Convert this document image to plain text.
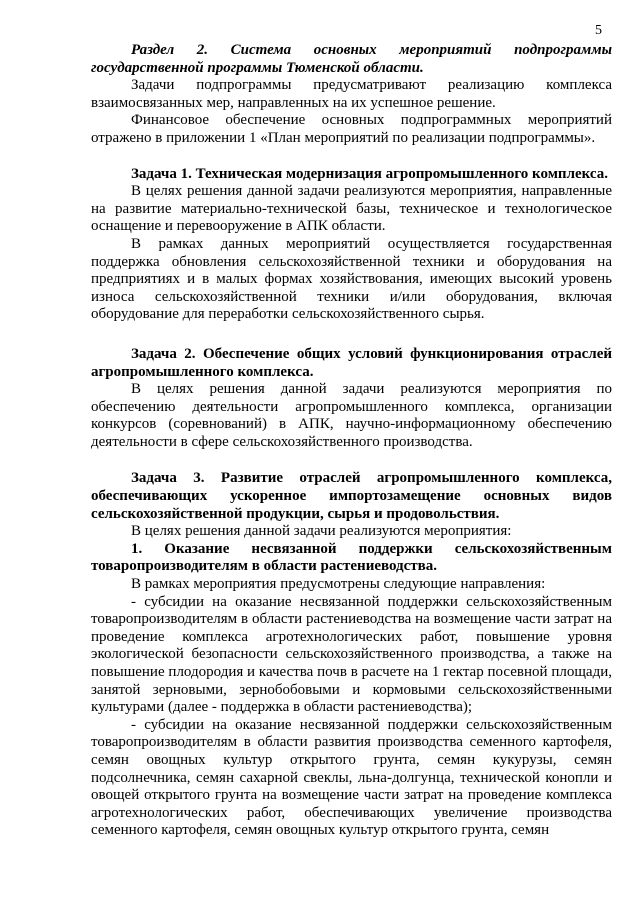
5

Раздел 2. Система основных мероприятий подпрограммы государственной программы Тюменской области.

Задачи подпрограммы предусматривают реализацию комплекса взаимосвязанных мер, направленных на их успешное решение.

Финансовое обеспечение основных подпрограммных мероприятий отражено в приложении 1 «План мероприятий по реализации подпрограммы».

Задача 1. Техническая модернизация агропромышленного комплекса.

В целях решения данной задачи реализуются мероприятия, направленные на развитие материально-технической базы, техническое и технологическое оснащение и перевооружение в АПК области.

В рамках данных мероприятий осуществляется государственная поддержка обновления сельскохозяйственной техники и оборудования на предприятиях и в малых формах хозяйствования, имеющих высокий уровень износа сельскохозяйственной техники и/или оборудования, включая оборудование для переработки сельскохозяйственного сырья.

Задача 2. Обеспечение общих условий функционирования отраслей агропромышленного комплекса.

В целях решения данной задачи реализуются мероприятия по обеспечению деятельности агропромышленного комплекса, организации конкурсов (соревнований) в АПК, научно-информационному обеспечению деятельности в сфере сельскохозяйственного производства.

Задача 3. Развитие отраслей агропромышленного комплекса, обеспечивающих ускоренное импортозамещение основных видов сельскохозяйственной продукции, сырья и продовольствия.

В целях решения данной задачи реализуются мероприятия:

1. Оказание несвязанной поддержки сельскохозяйственным товаропроизводителям в области растениеводства.

В рамках мероприятия предусмотрены следующие направления:

- субсидии на оказание несвязанной поддержки сельскохозяйственным товаропроизводителям в области растениеводства на возмещение части затрат на проведение комплекса агротехнологических работ, повышение уровня экологической безопасности сельскохозяйственного производства, а также на повышение плодородия и качества почв в расчете на 1 гектар посевной площади, занятой зерновыми, зернобобовыми и кормовыми сельскохозяйственными культурами (далее - поддержка в области растениеводства);

- субсидии на оказание несвязанной поддержки сельскохозяйственным товаропроизводителям в области развития производства семенного картофеля, семян овощных культур открытого грунта, семян кукурузы, семян подсолнечника, семян сахарной свеклы, льна-долгунца, технической конопли и овощей открытого грунта на возмещение части затрат на проведение комплекса агротехнологических работ, обеспечивающих увеличение производства семенного картофеля, семян овощных культур открытого грунта, семян
